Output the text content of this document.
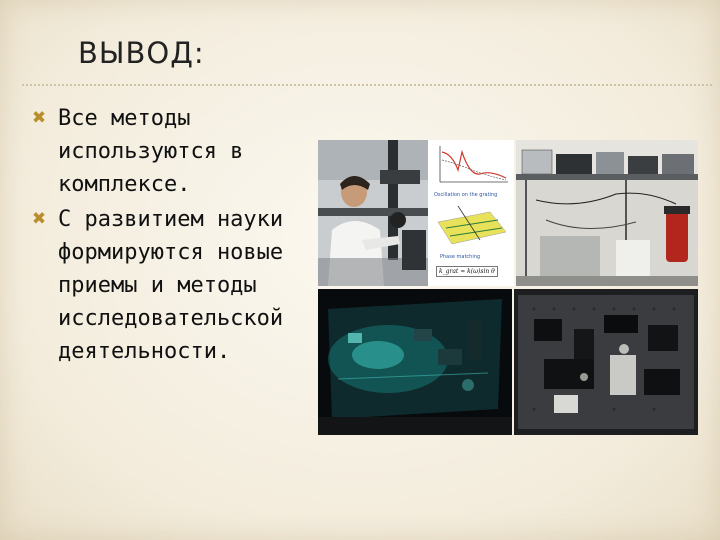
ВЫВОД:
✖ Все методы используются в комплексе.
✖ С развитием науки формируются новые приемы и методы исследовательской деятельности.
Oscillation on the grating
Phase matching
k_grat ≈ k(ω)sin θ
